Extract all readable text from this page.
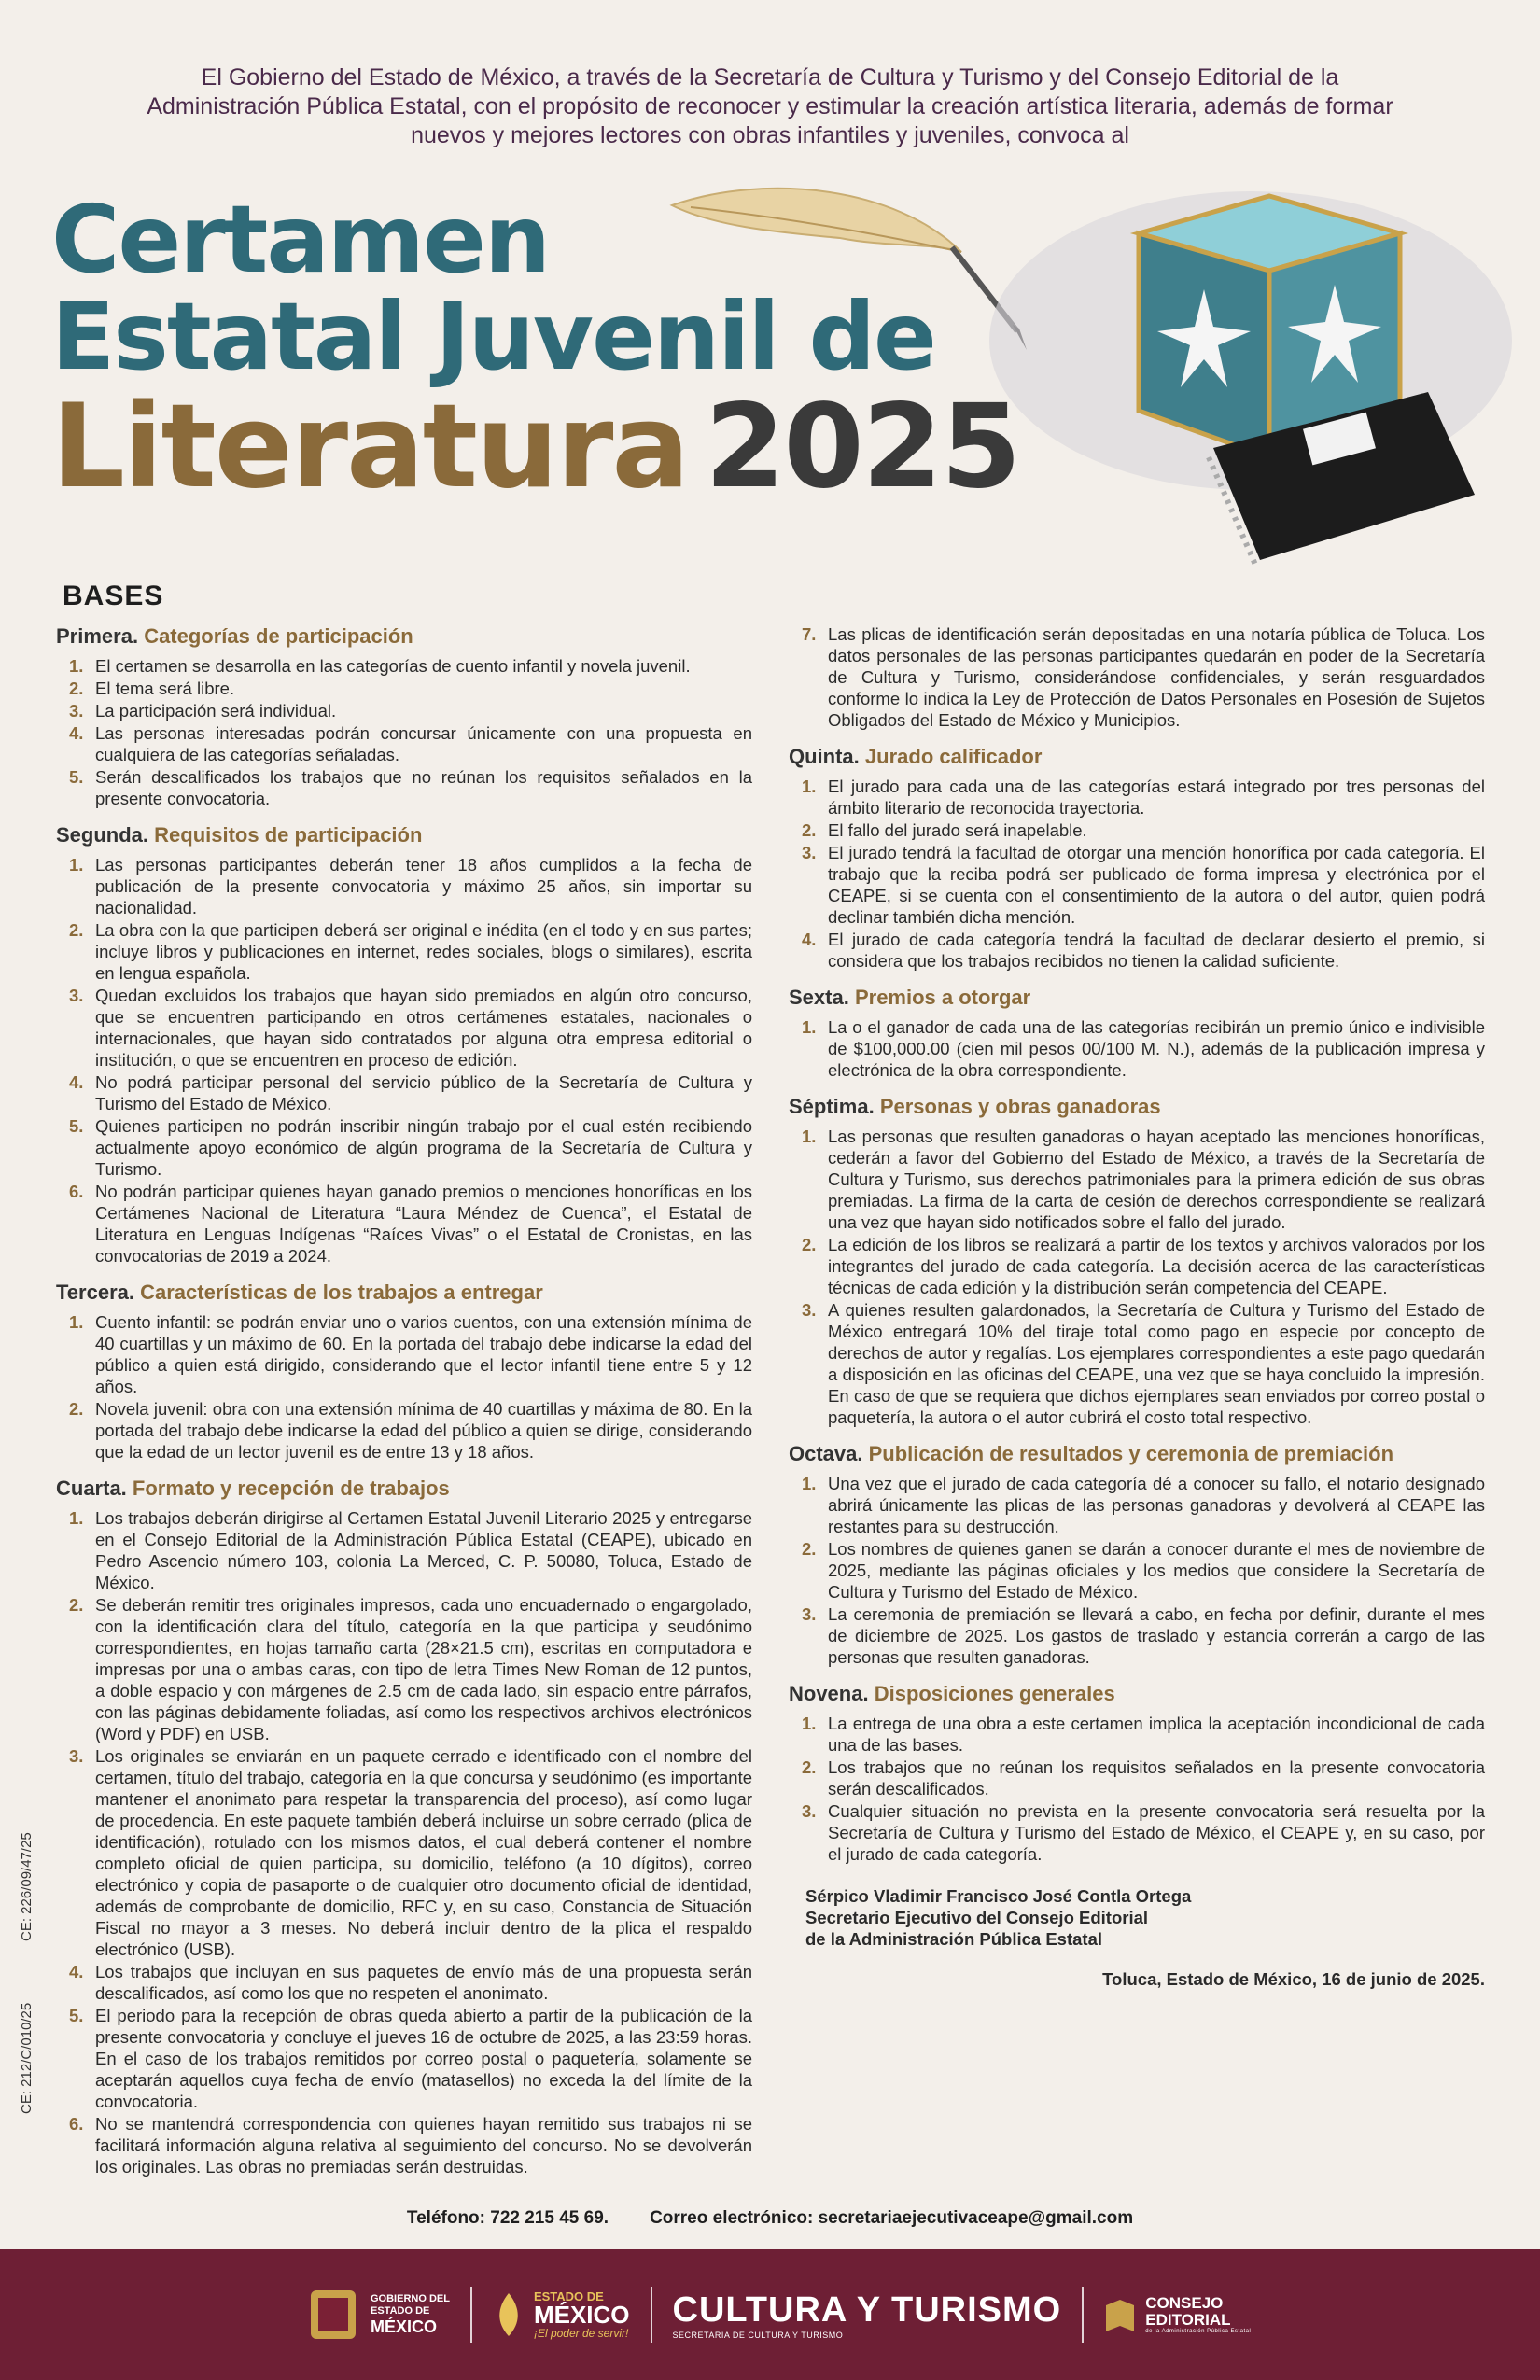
El Gobierno del Estado de México, a través de la Secretaría de Cultura y Turismo y del Consejo Editorial de la Administración Pública Estatal, con el propósito de reconocer y estimular la creación artística literaria, además de formar nuevos y mejores lectores con obras infantiles y juveniles, convoca al
Certamen
Estatal Juvenil de
Literatura 2025
BASES
Primera. Categorías de participación
1. El certamen se desarrolla en las categorías de cuento infantil y novela juvenil.
2. El tema será libre.
3. La participación será individual.
4. Las personas interesadas podrán concursar únicamente con una propuesta en cualquiera de las categorías señaladas.
5. Serán descalificados los trabajos que no reúnan los requisitos señalados en la presente convocatoria.
Segunda. Requisitos de participación
1. Las personas participantes deberán tener 18 años cumplidos a la fecha de publicación de la presente convocatoria y máximo 25 años, sin importar su nacionalidad.
2. La obra con la que participen deberá ser original e inédita (en el todo y en sus partes; incluye libros y publicaciones en internet, redes sociales, blogs o similares), escrita en lengua española.
3. Quedan excluidos los trabajos que hayan sido premiados en algún otro concurso, que se encuentren participando en otros certámenes estatales, nacionales o internacionales, que hayan sido contratados por alguna otra empresa editorial o institución, o que se encuentren en proceso de edición.
4. No podrá participar personal del servicio público de la Secretaría de Cultura y Turismo del Estado de México.
5. Quienes participen no podrán inscribir ningún trabajo por el cual estén recibiendo actualmente apoyo económico de algún programa de la Secretaría de Cultura y Turismo.
6. No podrán participar quienes hayan ganado premios o menciones honoríficas en los Certámenes Nacional de Literatura “Laura Méndez de Cuenca”, el Estatal de Literatura en Lenguas Indígenas “Raíces Vivas” o el Estatal de Cronistas, en las convocatorias de 2019 a 2024.
Tercera. Características de los trabajos a entregar
1. Cuento infantil: se podrán enviar uno o varios cuentos, con una extensión mínima de 40 cuartillas y un máximo de 60. En la portada del trabajo debe indicarse la edad del público a quien está dirigido, considerando que el lector infantil tiene entre 5 y 12 años.
2. Novela juvenil: obra con una extensión mínima de 40 cuartillas y máxima de 80. En la portada del trabajo debe indicarse la edad del público a quien se dirige, considerando que la edad de un lector juvenil es de entre 13 y 18 años.
Cuarta. Formato y recepción de trabajos
1. Los trabajos deberán dirigirse al Certamen Estatal Juvenil Literario 2025 y entregarse en el Consejo Editorial de la Administración Pública Estatal (CEAPE), ubicado en Pedro Ascencio número 103, colonia La Merced, C. P. 50080, Toluca, Estado de México.
2. Se deberán remitir tres originales impresos, cada uno encuadernado o engargolado, con la identificación clara del título, categoría en la que participa y seudónimo correspondientes, en hojas tamaño carta (28×21.5 cm), escritas en computadora e impresas por una o ambas caras, con tipo de letra Times New Roman de 12 puntos, a doble espacio y con márgenes de 2.5 cm de cada lado, sin espacio entre párrafos, con las páginas debidamente foliadas, así como los respectivos archivos electrónicos (Word y PDF) en USB.
3. Los originales se enviarán en un paquete cerrado e identificado con el nombre del certamen, título del trabajo, categoría en la que concursa y seudónimo (es importante mantener el anonimato para respetar la transparencia del proceso), así como lugar de procedencia. En este paquete también deberá incluirse un sobre cerrado (plica de identificación), rotulado con los mismos datos, el cual deberá contener el nombre completo oficial de quien participa, su domicilio, teléfono (a 10 dígitos), correo electrónico y copia de pasaporte o de cualquier otro documento oficial de identidad, además de comprobante de domicilio, RFC y, en su caso, Constancia de Situación Fiscal no mayor a 3 meses. No deberá incluir dentro de la plica el respaldo electrónico (USB).
4. Los trabajos que incluyan en sus paquetes de envío más de una propuesta serán descalificados, así como los que no respeten el anonimato.
5. El periodo para la recepción de obras queda abierto a partir de la publicación de la presente convocatoria y concluye el jueves 16 de octubre de 2025, a las 23:59 horas. En el caso de los trabajos remitidos por correo postal o paquetería, solamente se aceptarán aquellos cuya fecha de envío (matasellos) no exceda la del límite de la convocatoria.
6. No se mantendrá correspondencia con quienes hayan remitido sus trabajos ni se facilitará información alguna relativa al seguimiento del concurso. No se devolverán los originales. Las obras no premiadas serán destruidas.
7. Las plicas de identificación serán depositadas en una notaría pública de Toluca. Los datos personales de las personas participantes quedarán en poder de la Secretaría de Cultura y Turismo, considerándose confidenciales, y serán resguardados conforme lo indica la Ley de Protección de Datos Personales en Posesión de Sujetos Obligados del Estado de México y Municipios.
Quinta. Jurado calificador
1. El jurado para cada una de las categorías estará integrado por tres personas del ámbito literario de reconocida trayectoria.
2. El fallo del jurado será inapelable.
3. El jurado tendrá la facultad de otorgar una mención honorífica por cada categoría. El trabajo que la reciba podrá ser publicado de forma impresa y electrónica por el CEAPE, si se cuenta con el consentimiento de la autora o del autor, quien podrá declinar también dicha mención.
4. El jurado de cada categoría tendrá la facultad de declarar desierto el premio, si considera que los trabajos recibidos no tienen la calidad suficiente.
Sexta. Premios a otorgar
1. La o el ganador de cada una de las categorías recibirán un premio único e indivisible de $100,000.00 (cien mil pesos 00/100 M. N.), además de la publicación impresa y electrónica de la obra correspondiente.
Séptima. Personas y obras ganadoras
1. Las personas que resulten ganadoras o hayan aceptado las menciones honoríficas, cederán a favor del Gobierno del Estado de México, a través de la Secretaría de Cultura y Turismo, sus derechos patrimoniales para la primera edición de sus obras premiadas. La firma de la carta de cesión de derechos correspondiente se realizará una vez que hayan sido notificados sobre el fallo del jurado.
2. La edición de los libros se realizará a partir de los textos y archivos valorados por los integrantes del jurado de cada categoría. La decisión acerca de las características técnicas de cada edición y la distribución serán competencia del CEAPE.
3. A quienes resulten galardonados, la Secretaría de Cultura y Turismo del Estado de México entregará 10% del tiraje total como pago en especie por concepto de derechos de autor y regalías. Los ejemplares correspondientes a este pago quedarán a disposición en las oficinas del CEAPE, una vez que se haya concluido la impresión. En caso de que se requiera que dichos ejemplares sean enviados por correo postal o paquetería, la autora o el autor cubrirá el costo total respectivo.
Octava. Publicación de resultados y ceremonia de premiación
1. Una vez que el jurado de cada categoría dé a conocer su fallo, el notario designado abrirá únicamente las plicas de las personas ganadoras y devolverá al CEAPE las restantes para su destrucción.
2. Los nombres de quienes ganen se darán a conocer durante el mes de noviembre de 2025, mediante las páginas oficiales y los medios que considere la Secretaría de Cultura y Turismo del Estado de México.
3. La ceremonia de premiación se llevará a cabo, en fecha por definir, durante el mes de diciembre de 2025. Los gastos de traslado y estancia correrán a cargo de las personas que resulten ganadoras.
Novena. Disposiciones generales
1. La entrega de una obra a este certamen implica la aceptación incondicional de cada una de las bases.
2. Los trabajos que no reúnan los requisitos señalados en la presente convocatoria serán descalificados.
3. Cualquier situación no prevista en la presente convocatoria será resuelta por la Secretaría de Cultura y Turismo del Estado de México, el CEAPE y, en su caso, por el jurado de cada categoría.
Sérpico Vladimir Francisco José Contla Ortega
Secretario Ejecutivo del Consejo Editorial
de la Administración Pública Estatal
Toluca, Estado de México, 16 de junio de 2025.
CE: 226/09/47/25
CE: 212/C/010/25
Teléfono: 722 215 45 69. Correo electrónico: secretariaejecutivaceape@gmail.com
GOBIERNO DEL
ESTADO DE
MÉXICO
ESTADO DE
MÉXICO
¡El poder de servir!
CULTURA Y TURISMO
SECRETARÍA DE CULTURA Y TURISMO
CONSEJO
EDITORIAL
de la Administración Pública Estatal
